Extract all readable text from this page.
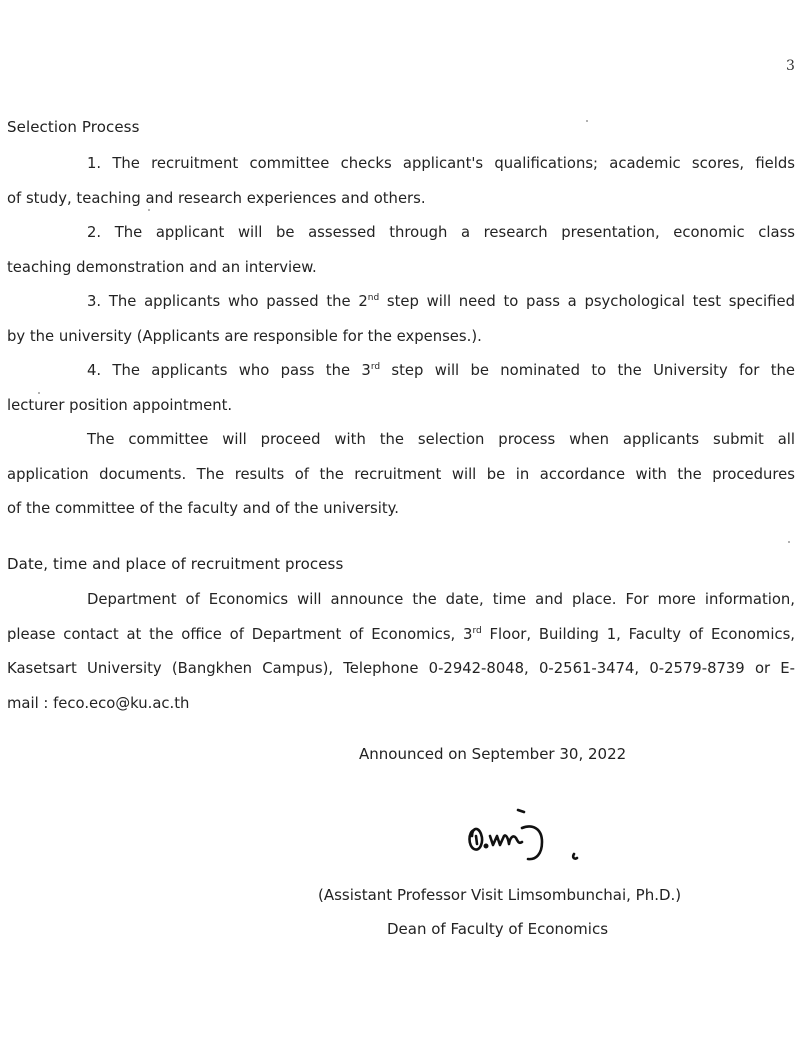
3
Selection Process
1. The recruitment committee checks applicant's qualifications; academic scores, fields
of study, teaching and research experiences and others.
2. The applicant will be assessed through a research presentation, economic class
teaching demonstration and an interview.
3. The applicants who passed the 2nd step will need to pass a psychological test specified
by the university (Applicants are responsible for the expenses.).
4. The applicants who pass the 3rd step will be nominated to the University for the
lecturer position appointment.
The committee will proceed with the selection process when applicants submit all
application documents. The results of the recruitment will be in accordance with the procedures
of the committee of the faculty and of the university.
Date, time and place of recruitment process
Department of Economics will announce the date, time and place. For more information,
please contact at the office of Department of Economics, 3rd Floor, Building 1, Faculty of Economics,
Kasetsart University (Bangkhen Campus), Telephone 0-2942-8048, 0-2561-3474, 0-2579-8739 or E-
mail : feco.eco@ku.ac.th
Announced on September 30, 2022
(Assistant Professor Visit Limsombunchai, Ph.D.)
Dean of Faculty of Economics
